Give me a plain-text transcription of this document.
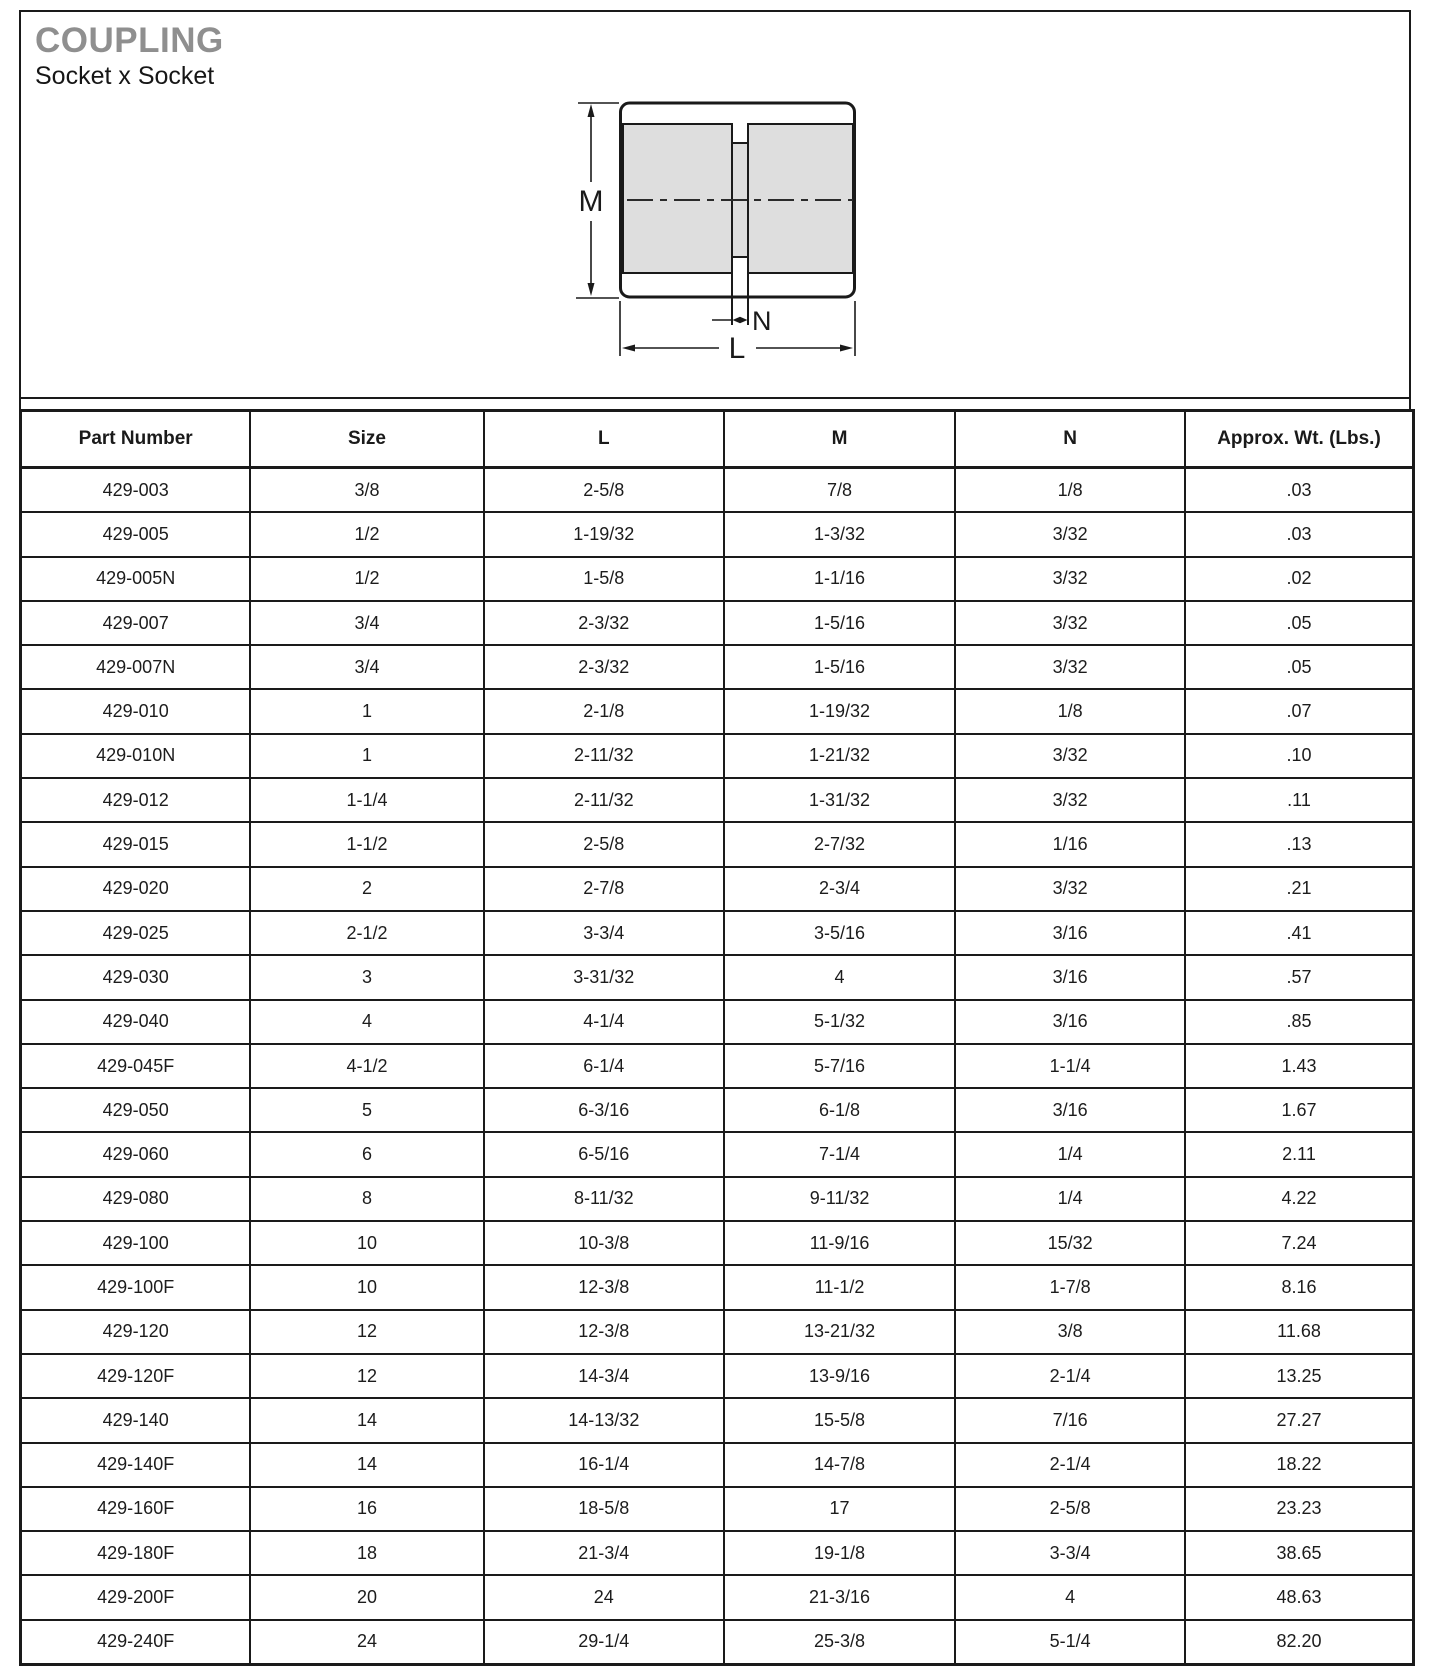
COUPLING
Socket x Socket
M
L
N
Part Number	Size	L	M	N	Approx. Wt. (Lbs.)
429-003	3/8	2-5/8	7/8	1/8	.03
429-005	1/2	1-19/32	1-3/32	3/32	.03
429-005N	1/2	1-5/8	1-1/16	3/32	.02
429-007	3/4	2-3/32	1-5/16	3/32	.05
429-007N	3/4	2-3/32	1-5/16	3/32	.05
429-010	1	2-1/8	1-19/32	1/8	.07
429-010N	1	2-11/32	1-21/32	3/32	.10
429-012	1-1/4	2-11/32	1-31/32	3/32	.11
429-015	1-1/2	2-5/8	2-7/32	1/16	.13
429-020	2	2-7/8	2-3/4	3/32	.21
429-025	2-1/2	3-3/4	3-5/16	3/16	.41
429-030	3	3-31/32	4	3/16	.57
429-040	4	4-1/4	5-1/32	3/16	.85
429-045F	4-1/2	6-1/4	5-7/16	1-1/4	1.43
429-050	5	6-3/16	6-1/8	3/16	1.67
429-060	6	6-5/16	7-1/4	1/4	2.11
429-080	8	8-11/32	9-11/32	1/4	4.22
429-100	10	10-3/8	11-9/16	15/32	7.24
429-100F	10	12-3/8	11-1/2	1-7/8	8.16
429-120	12	12-3/8	13-21/32	3/8	11.68
429-120F	12	14-3/4	13-9/16	2-1/4	13.25
429-140	14	14-13/32	15-5/8	7/16	27.27
429-140F	14	16-1/4	14-7/8	2-1/4	18.22
429-160F	16	18-5/8	17	2-5/8	23.23
429-180F	18	21-3/4	19-1/8	3-3/4	38.65
429-200F	20	24	21-3/16	4	48.63
429-240F	24	29-1/4	25-3/8	5-1/4	82.20
